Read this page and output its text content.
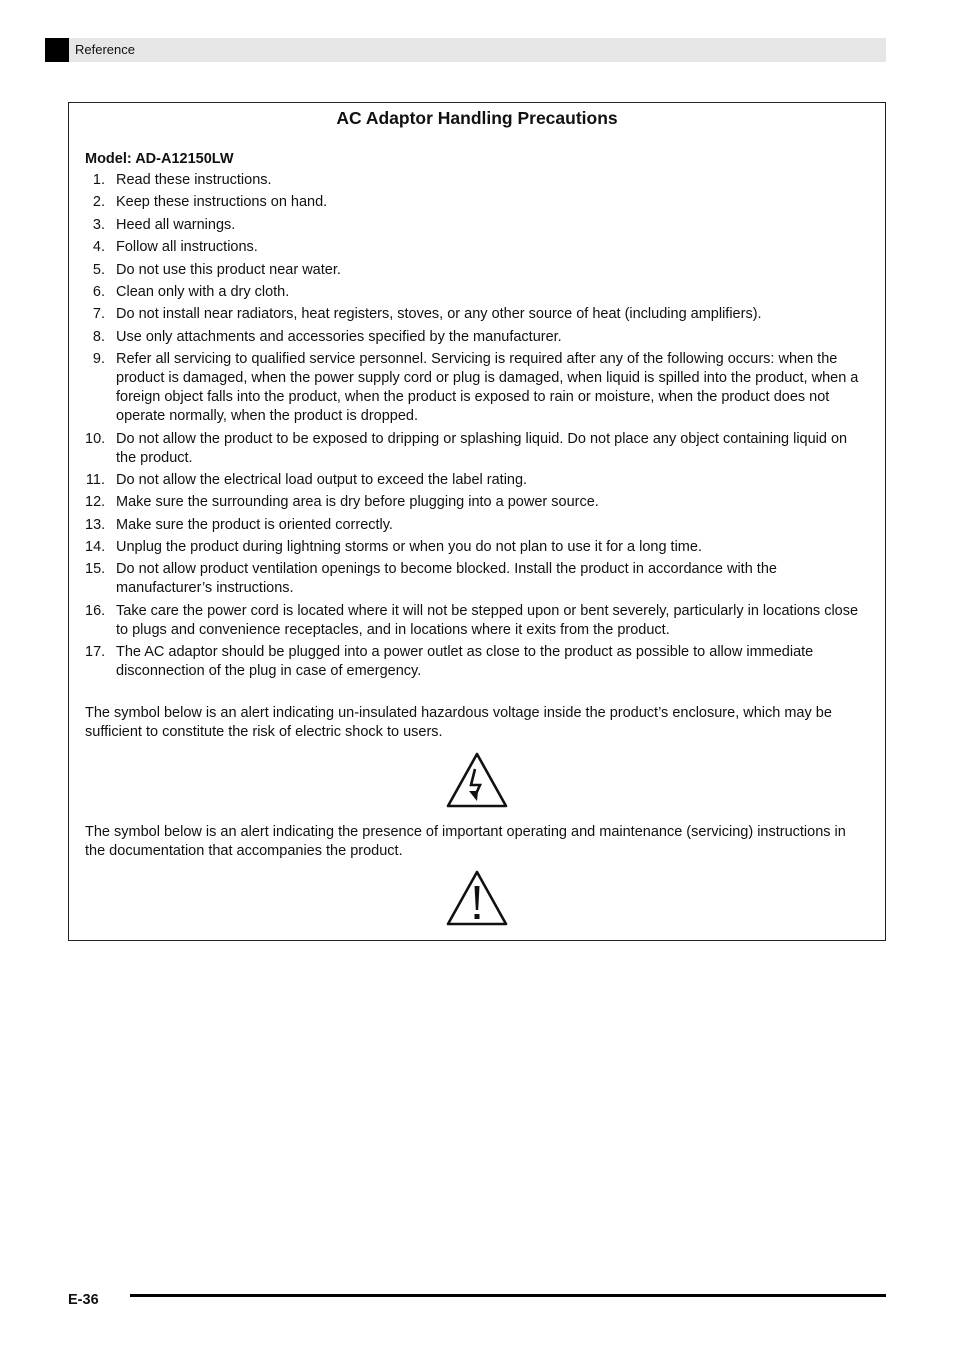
Reference
AC Adaptor Handling Precautions
Model: AD-A12150LW
1. Read these instructions.
2. Keep these instructions on hand.
3. Heed all warnings.
4. Follow all instructions.
5. Do not use this product near water.
6. Clean only with a dry cloth.
7. Do not install near radiators, heat registers, stoves, or any other source of heat (including amplifiers).
8. Use only attachments and accessories specified by the manufacturer.
9. Refer all servicing to qualified service personnel. Servicing is required after any of the following occurs: when the product is damaged, when the power supply cord or plug is damaged, when liquid is spilled into the product, when a foreign object falls into the product, when the product is exposed to rain or moisture, when the product does not operate normally, when the product is dropped.
10. Do not allow the product to be exposed to dripping or splashing liquid. Do not place any object containing liquid on the product.
11. Do not allow the electrical load output to exceed the label rating.
12. Make sure the surrounding area is dry before plugging into a power source.
13. Make sure the product is oriented correctly.
14. Unplug the product during lightning storms or when you do not plan to use it for a long time.
15. Do not allow product ventilation openings to become blocked. Install the product in accordance with the manufacturer’s instructions.
16. Take care the power cord is located where it will not be stepped upon or bent severely, particularly in locations close to plugs and convenience receptacles, and in locations where it exits from the product.
17. The AC adaptor should be plugged into a power outlet as close to the product as possible to allow immediate disconnection of the plug in case of emergency.
The symbol below is an alert indicating un-insulated hazardous voltage inside the product’s enclosure, which may be sufficient to constitute the risk of electric shock to users.
The symbol below is an alert indicating the presence of important operating and maintenance (servicing) instructions in the documentation that accompanies the product.
E-36
